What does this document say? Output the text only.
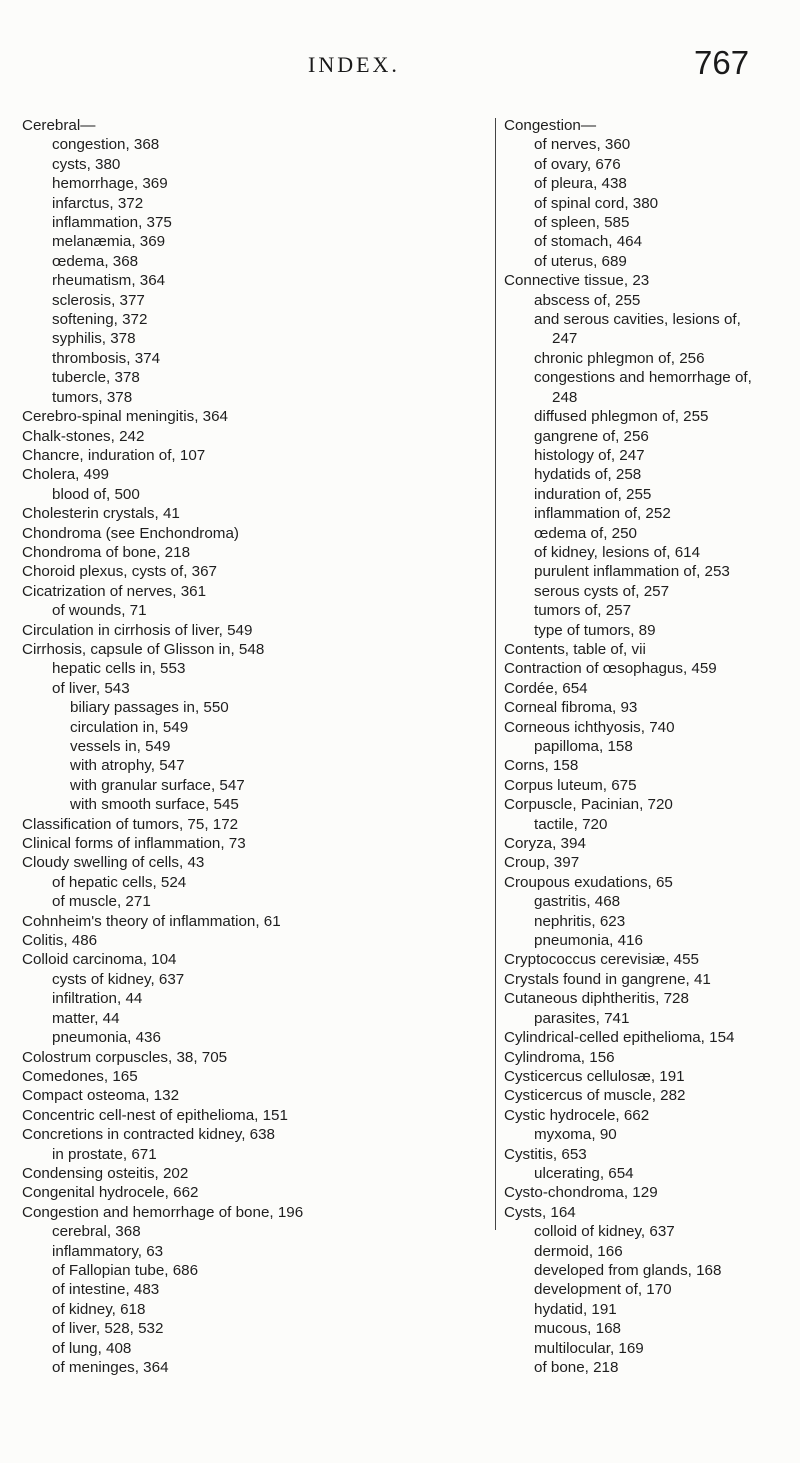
INDEX.	767
Cerebral—
congestion, 368
cysts, 380
hemorrhage, 369
infarctus, 372
inflammation, 375
melanæmia, 369
œdema, 368
rheumatism, 364
sclerosis, 377
softening, 372
syphilis, 378
thrombosis, 374
tubercle, 378
tumors, 378
Cerebro-spinal meningitis, 364
Chalk-stones, 242
Chancre, induration of, 107
Cholera, 499
blood of, 500
Cholesterin crystals, 41
Chondroma (see Enchondroma)
Chondroma of bone, 218
Choroid plexus, cysts of, 367
Cicatrization of nerves, 361
of wounds, 71
Circulation in cirrhosis of liver, 549
Cirrhosis, capsule of Glisson in, 548
hepatic cells in, 553
of liver, 543
biliary passages in, 550
circulation in, 549
vessels in, 549
with atrophy, 547
with granular surface, 547
with smooth surface, 545
Classification of tumors, 75, 172
Clinical forms of inflammation, 73
Cloudy swelling of cells, 43
of hepatic cells, 524
of muscle, 271
Cohnheim's theory of inflammation, 61
Colitis, 486
Colloid carcinoma, 104
cysts of kidney, 637
infiltration, 44
matter, 44
pneumonia, 436
Colostrum corpuscles, 38, 705
Comedones, 165
Compact osteoma, 132
Concentric cell-nest of epithelioma, 151
Concretions in contracted kidney, 638
in prostate, 671
Condensing osteitis, 202
Congenital hydrocele, 662
Congestion and hemorrhage of bone, 196
cerebral, 368
inflammatory, 63
of Fallopian tube, 686
of intestine, 483
of kidney, 618
of liver, 528, 532
of lung, 408
of meninges, 364
Congestion—
of nerves, 360
of ovary, 676
of pleura, 438
of spinal cord, 380
of spleen, 585
of stomach, 464
of uterus, 689
Connective tissue, 23
abscess of, 255
and serous cavities, lesions of,
247
chronic phlegmon of, 256
congestions and hemorrhage of,
248
diffused phlegmon of, 255
gangrene of, 256
histology of, 247
hydatids of, 258
induration of, 255
inflammation of, 252
œdema of, 250
of kidney, lesions of, 614
purulent inflammation of, 253
serous cysts of, 257
tumors of, 257
type of tumors, 89
Contents, table of, vii
Contraction of œsophagus, 459
Cordée, 654
Corneal fibroma, 93
Corneous ichthyosis, 740
papilloma, 158
Corns, 158
Corpus luteum, 675
Corpuscle, Pacinian, 720
tactile, 720
Coryza, 394
Croup, 397
Croupous exudations, 65
gastritis, 468
nephritis, 623
pneumonia, 416
Cryptococcus cerevisiæ, 455
Crystals found in gangrene, 41
Cutaneous diphtheritis, 728
parasites, 741
Cylindrical-celled epithelioma, 154
Cylindroma, 156
Cysticercus cellulosæ, 191
Cysticercus of muscle, 282
Cystic hydrocele, 662
myxoma, 90
Cystitis, 653
ulcerating, 654
Cysto-chondroma, 129
Cysts, 164
colloid of kidney, 637
dermoid, 166
developed from glands, 168
development of, 170
hydatid, 191
mucous, 168
multilocular, 169
of bone, 218
